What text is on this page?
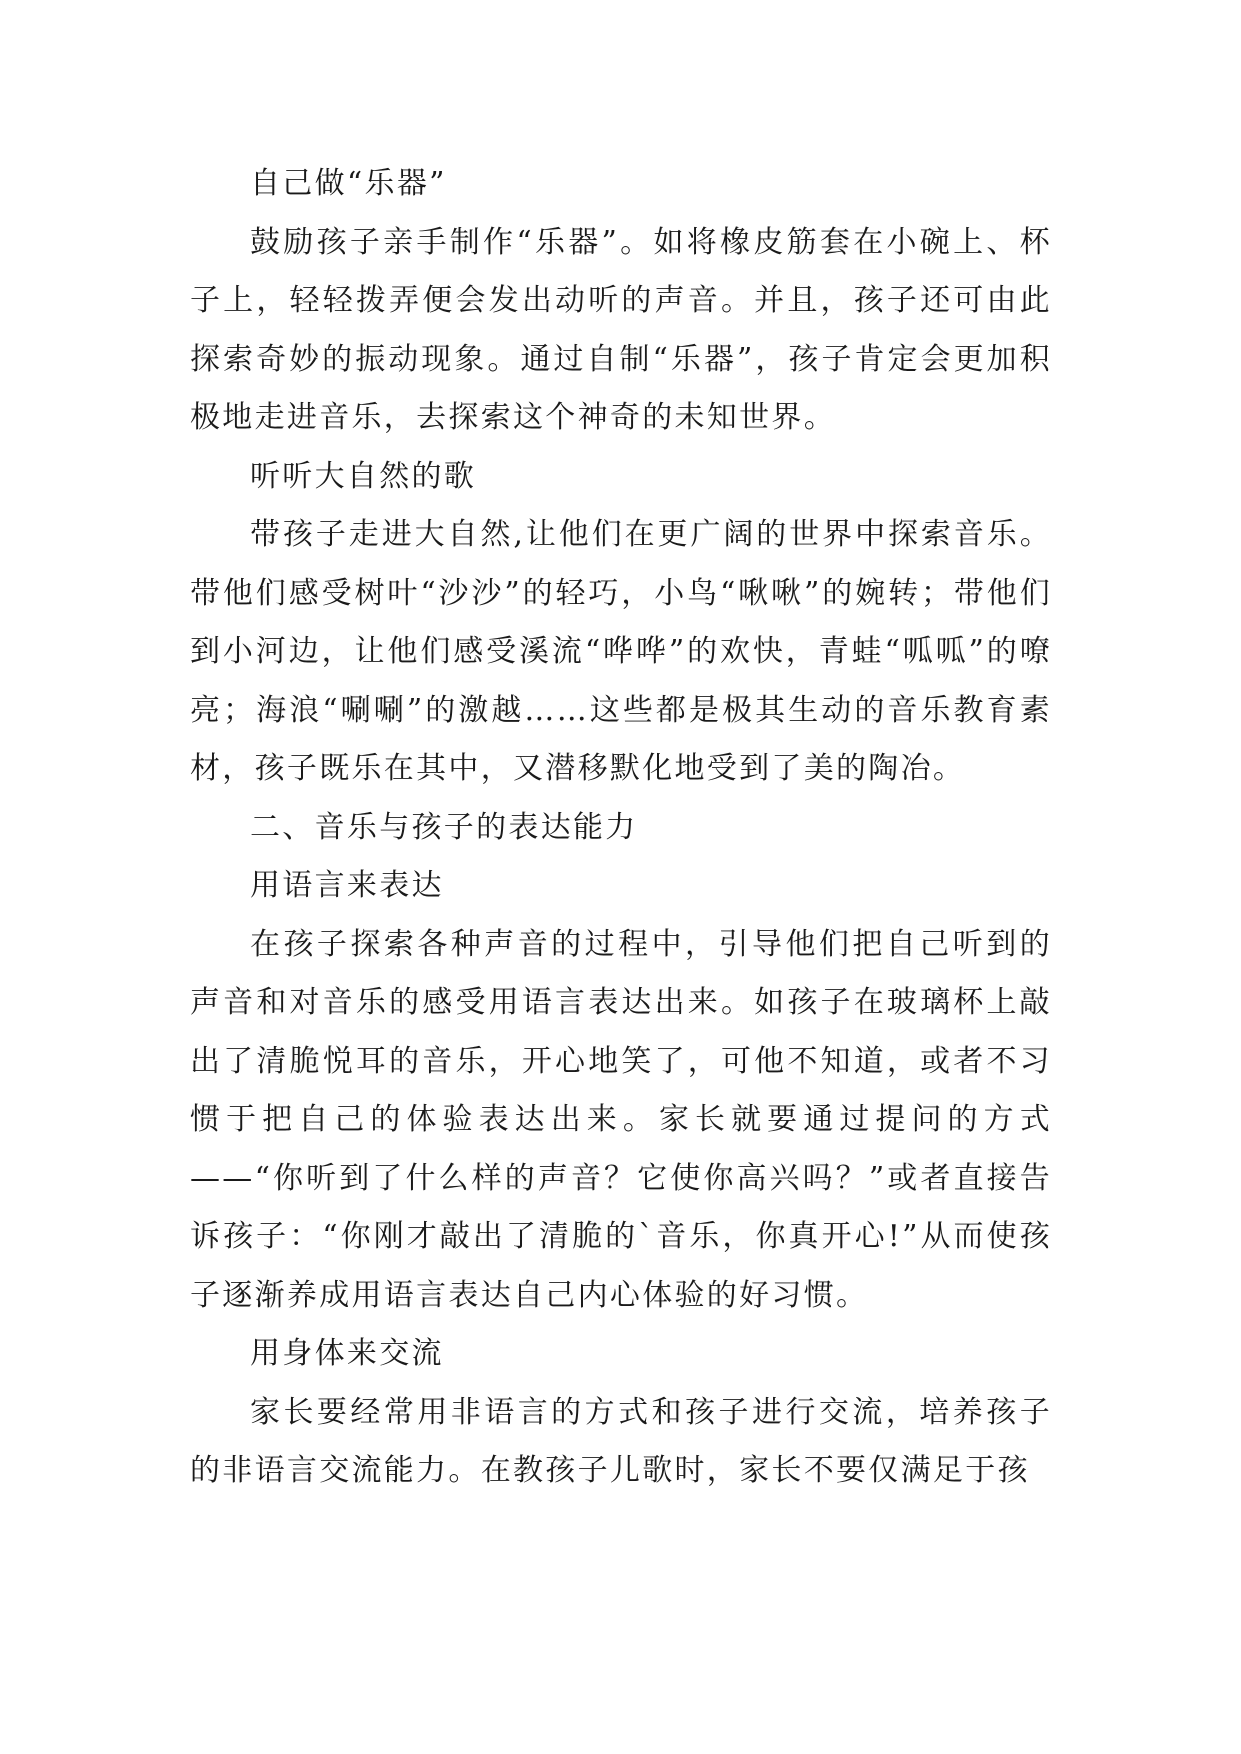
自己做“乐器”

鼓励孩子亲手制作“乐器”。如将橡皮筋套在小碗上、杯子上，轻轻拨弄便会发出动听的声音。并且，孩子还可由此探索奇妙的振动现象。通过自制“乐器”，孩子肯定会更加积极地走进音乐，去探索这个神奇的未知世界。

听听大自然的歌

带孩子走进大自然,让他们在更广阔的世界中探索音乐。带他们感受树叶“沙沙”的轻巧，小鸟“啾啾”的婉转；带他们到小河边，让他们感受溪流“哗哗”的欢快，青蛙“呱呱”的嘹亮；海浪“唰唰”的激越……这些都是极其生动的音乐教育素材，孩子既乐在其中，又潜移默化地受到了美的陶冶。

二、音乐与孩子的表达能力

用语言来表达

在孩子探索各种声音的过程中，引导他们把自己听到的声音和对音乐的感受用语言表达出来。如孩子在玻璃杯上敲出了清脆悦耳的音乐，开心地笑了，可他不知道，或者不习惯于把自己的体验表达出来。家长就要通过提问的方式——“你听到了什么样的声音？它使你高兴吗？”或者直接告诉孩子：“你刚才敲出了清脆的`音乐，你真开心!”从而使孩子逐渐养成用语言表达自己内心体验的好习惯。

用身体来交流

家长要经常用非语言的方式和孩子进行交流，培养孩子的非语言交流能力。在教孩子儿歌时，家长不要仅满足于孩
